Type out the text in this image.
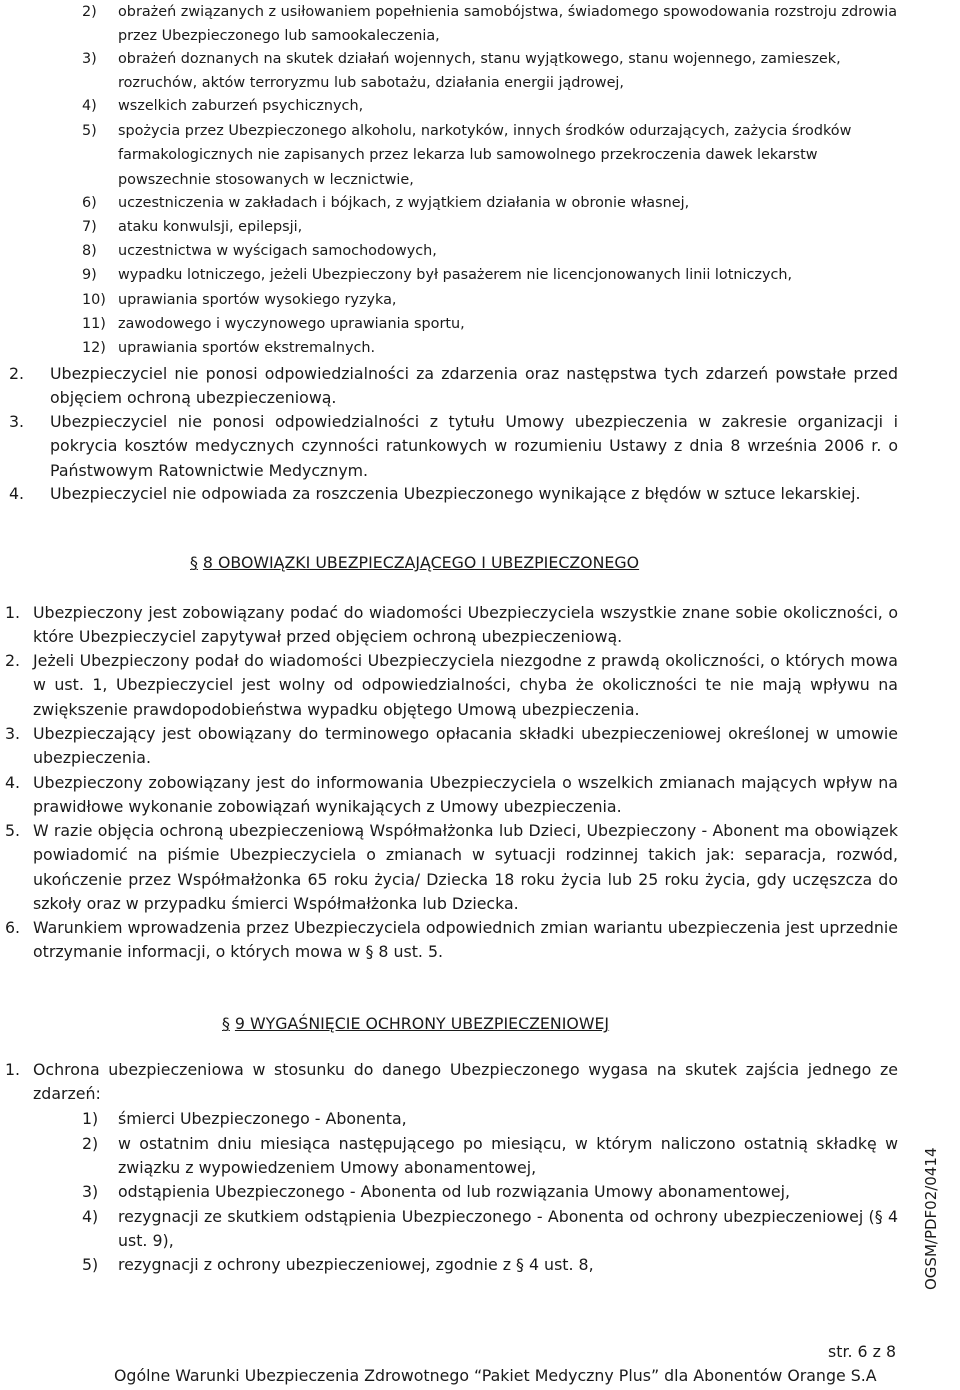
2) obrażeń związanych z usiłowaniem popełnienia samobójstwa, świadomego spowodowania rozstroju zdrowia przez Ubezpieczonego lub samookaleczenia,
3) obrażeń doznanych na skutek działań wojennych, stanu wyjątkowego, stanu wojennego, zamieszek, rozruchów, aktów terroryzmu lub sabotażu, działania energii jądrowej,
4) wszelkich zaburzeń psychicznych,
5) spożycia przez Ubezpieczonego alkoholu, narkotyków, innych środków odurzających, zażycia środków farmakologicznych nie zapisanych przez lekarza lub samowolnego przekroczenia dawek lekarstw powszechnie stosowanych w lecznictwie,
6) uczestniczenia w zakładach i bójkach, z wyjątkiem działania w obronie własnej,
7) ataku konwulsji, epilepsji,
8) uczestnictwa w wyścigach samochodowych,
9) wypadku lotniczego, jeżeli Ubezpieczony był pasażerem nie licencjonowanych linii lotniczych,
10) uprawiania sportów wysokiego ryzyka,
11) zawodowego i wyczynowego uprawiania sportu,
12) uprawiania sportów ekstremalnych.
2. Ubezpieczyciel nie ponosi odpowiedzialności za zdarzenia oraz następstwa tych zdarzeń powstałe przed objęciem ochroną ubezpieczeniową.
3. Ubezpieczyciel nie ponosi odpowiedzialności z tytułu Umowy ubezpieczenia w zakresie organizacji i pokrycia kosztów medycznych czynności ratunkowych w rozumieniu Ustawy z dnia 8 września 2006 r. o Państwowym Ratownictwie Medycznym.
4. Ubezpieczyciel nie odpowiada za roszczenia Ubezpieczonego wynikające z błędów w sztuce lekarskiej.
§ 8 OBOWIĄZKI UBEZPIECZAJĄCEGO I UBEZPIECZONEGO
1. Ubezpieczony jest zobowiązany podać do wiadomości Ubezpieczyciela wszystkie znane sobie okoliczności, o które Ubezpieczyciel zapytywał przed objęciem ochroną ubezpieczeniową.
2. Jeżeli Ubezpieczony podał do wiadomości Ubezpieczyciela niezgodne z prawdą okoliczności, o których mowa w ust. 1, Ubezpieczyciel jest wolny od odpowiedzialności, chyba że okoliczności te nie mają wpływu na zwiększenie prawdopodobieństwa wypadku objętego Umową ubezpieczenia.
3. Ubezpieczający jest obowiązany do terminowego opłacania składki ubezpieczeniowej określonej w umowie ubezpieczenia.
4. Ubezpieczony zobowiązany jest do informowania Ubezpieczyciela o wszelkich zmianach mających wpływ na prawidłowe wykonanie zobowiązań wynikających z Umowy ubezpieczenia.
5. W razie objęcia ochroną ubezpieczeniową Współmałżonka lub Dzieci, Ubezpieczony - Abonent ma obowiązek powiadomić na piśmie Ubezpieczyciela o zmianach w sytuacji rodzinnej takich jak: separacja, rozwód, ukończenie przez Współmałżonka 65 roku życia/ Dziecka 18 roku życia lub 25 roku życia, gdy uczęszcza do szkoły oraz w przypadku śmierci Współmałżonka lub Dziecka.
6. Warunkiem wprowadzenia przez Ubezpieczyciela odpowiednich zmian wariantu ubezpieczenia jest uprzednie otrzymanie informacji, o których mowa w § 8 ust. 5.
§ 9 WYGAŚNIĘCIE OCHRONY UBEZPIECZENIOWEJ
1. Ochrona ubezpieczeniowa w stosunku do danego Ubezpieczonego wygasa na skutek zajścia jednego ze zdarzeń:
1) śmierci Ubezpieczonego - Abonenta,
2) w ostatnim dniu miesiąca następującego po miesiącu, w którym naliczono ostatnią składkę w związku z wypowiedzeniem Umowy abonamentowej,
3) odstąpienia Ubezpieczonego - Abonenta od lub rozwiązania Umowy abonamentowej,
4) rezygnacji ze skutkiem odstąpienia Ubezpieczonego - Abonenta od ochrony ubezpieczeniowej (§ 4 ust. 9),
5) rezygnacji z ochrony ubezpieczeniowej, zgodnie z § 4 ust. 8,	OGSM/PDF02/0414
str. 6 z 8
Ogólne Warunki Ubezpieczenia Zdrowotnego “Pakiet Medyczny Plus” dla Abonentów Orange S.A
